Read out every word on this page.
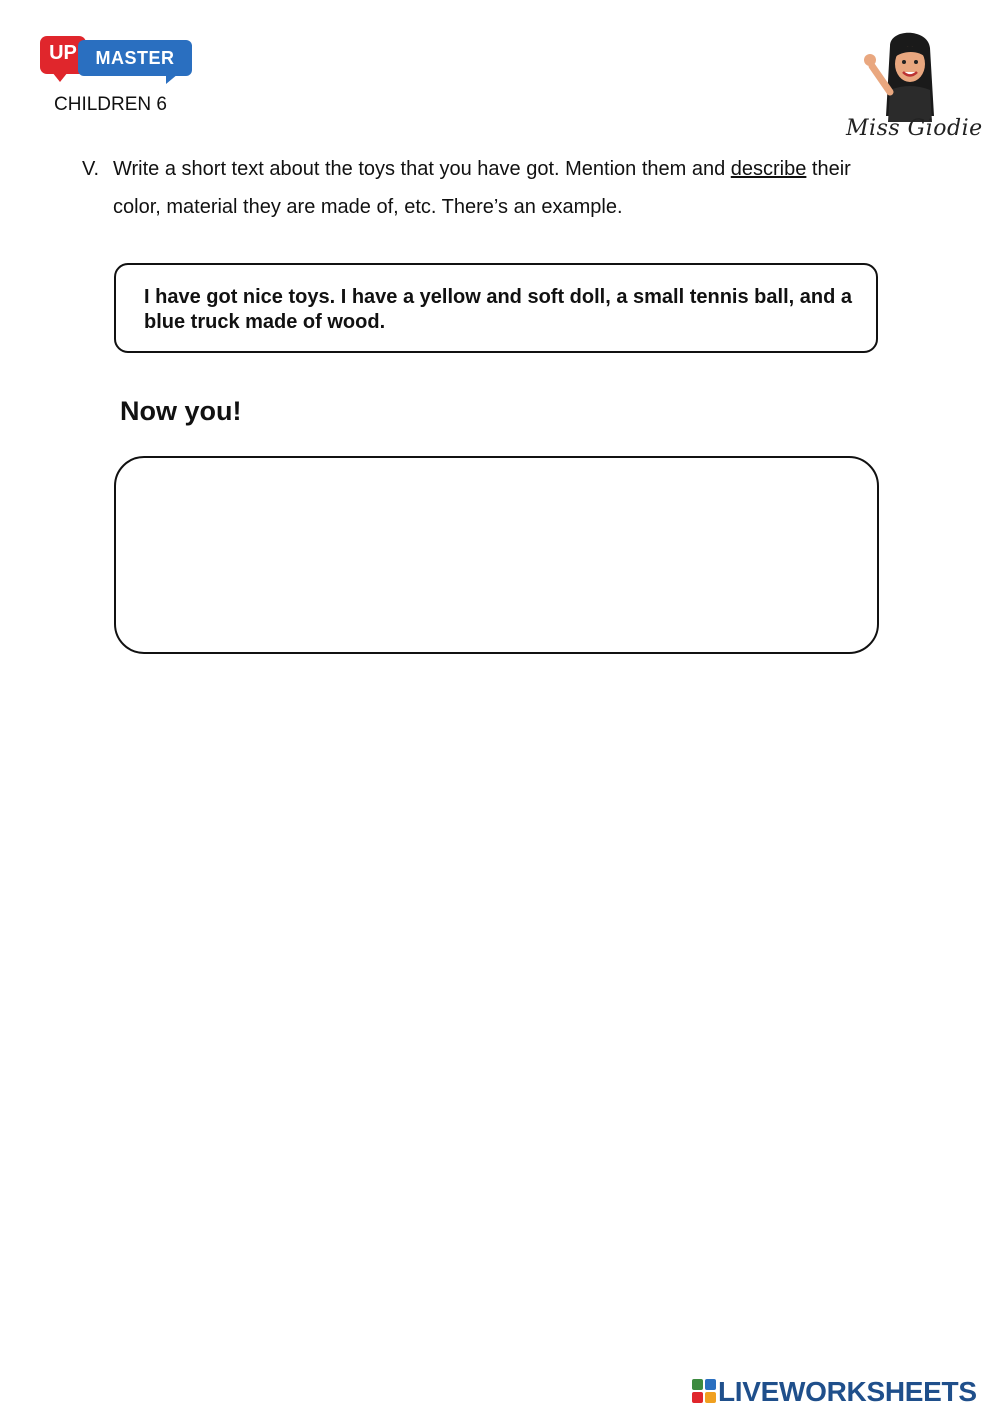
UP	MASTER
CHILDREN 6
Miss Giodie
V. Write a short text about the toys that you have got. Mention them and describe their color, material they are made of, etc. There’s an example.
I have got nice toys. I have a yellow and soft doll, a small tennis ball, and a blue truck made of wood.
Now you!
LIVEWORKSHEETS
